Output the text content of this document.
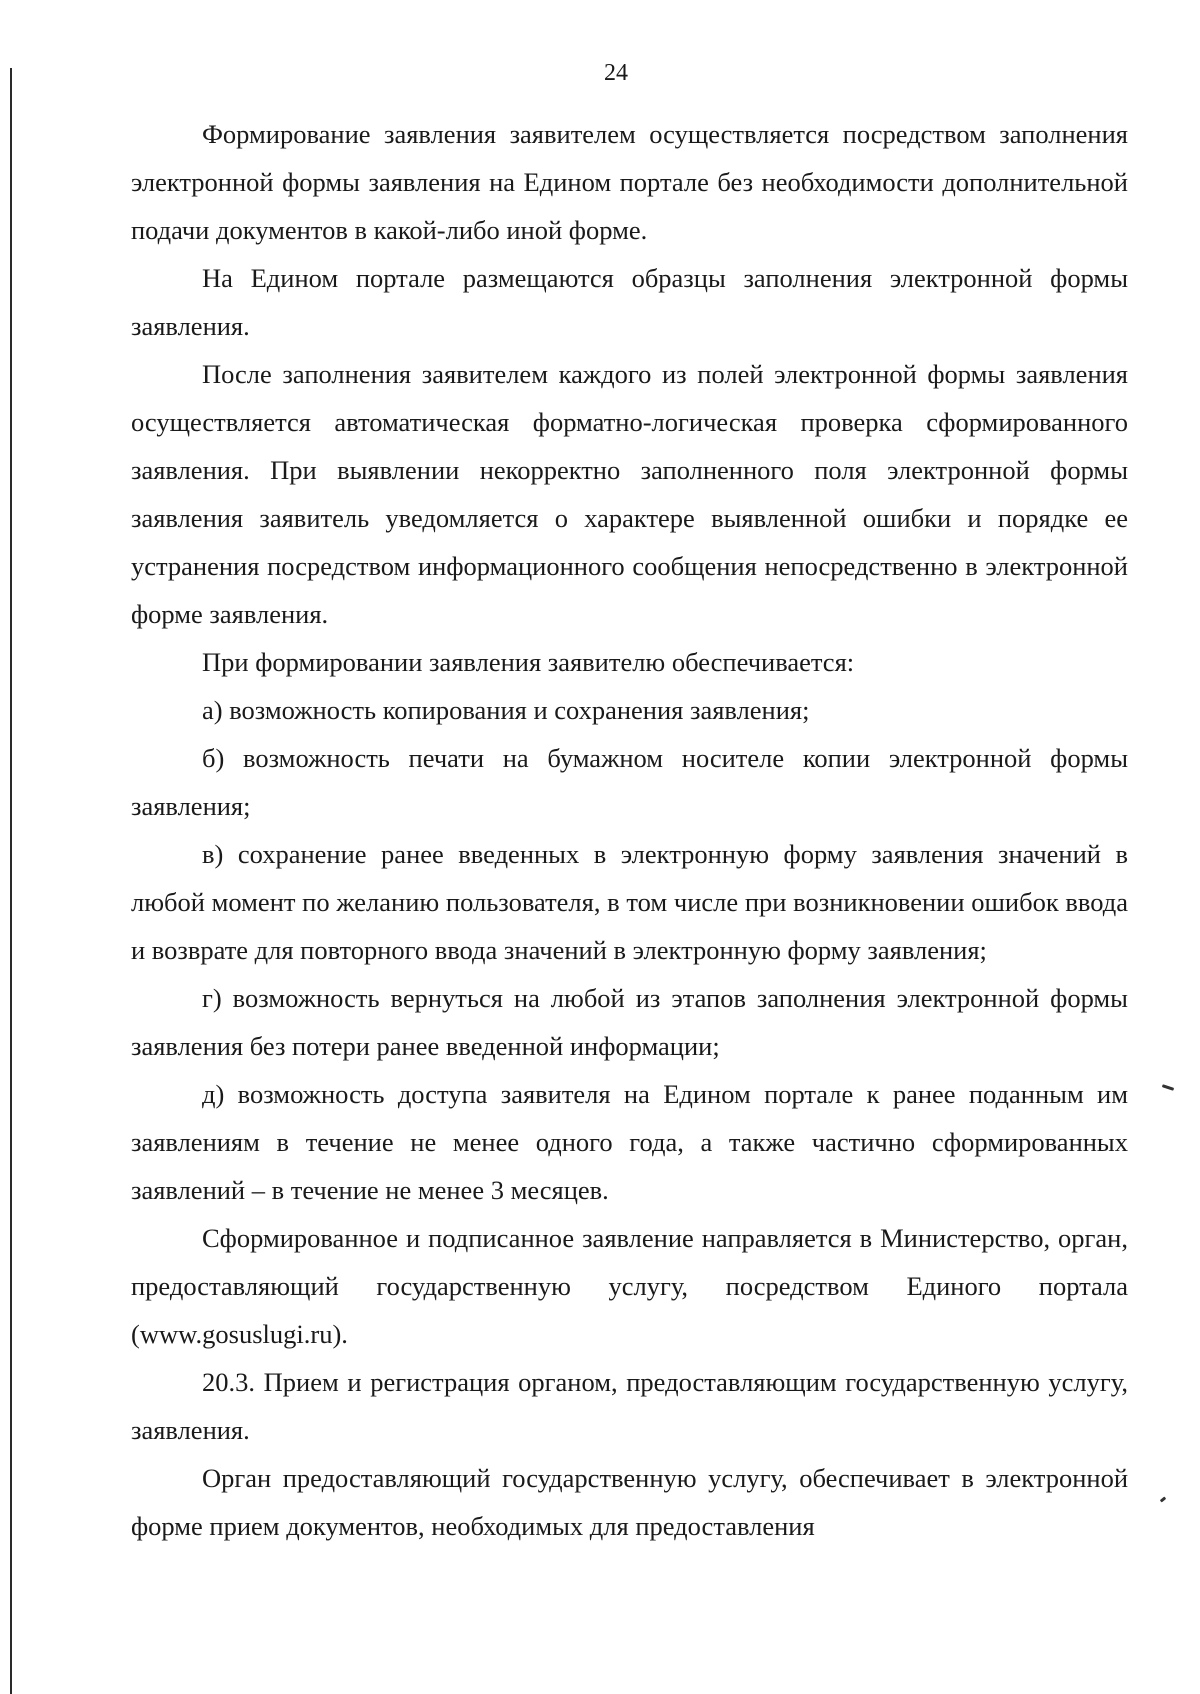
24

Формирование заявления заявителем осуществляется посредством заполнения электронной формы заявления на Едином портале без необходимости дополнительной подачи документов в какой-либо иной форме.

На Едином портале размещаются образцы заполнения электронной формы заявления.

После заполнения заявителем каждого из полей электронной формы заявления осуществляется автоматическая форматно-логическая проверка сформированного заявления. При выявлении некорректно заполненного поля электронной формы заявления заявитель уведомляется о характере выявленной ошибки и порядке ее устранения посредством информационного сообщения непосредственно в электронной форме заявления.

При формировании заявления заявителю обеспечивается:

а) возможность копирования и сохранения заявления;

б) возможность печати на бумажном носителе копии электронной формы заявления;

в) сохранение ранее введенных в электронную форму заявления значений в любой момент по желанию пользователя, в том числе при возникновении ошибок ввода и возврате для повторного ввода значений в электронную форму заявления;

г) возможность вернуться на любой из этапов заполнения электронной формы заявления без потери ранее введенной информации;

д) возможность доступа заявителя на Едином портале к ранее поданным им заявлениям в течение не менее одного года, а также частично сформированных заявлений – в течение не менее 3 месяцев.

Сформированное и подписанное заявление направляется в Министерство, орган, предоставляющий государственную услугу, посредством Единого портала (www.gosuslugi.ru).

20.3. Прием и регистрация органом, предоставляющим государственную услугу, заявления.

Орган предоставляющий государственную услугу, обеспечивает в электронной форме прием документов, необходимых для предоставления
